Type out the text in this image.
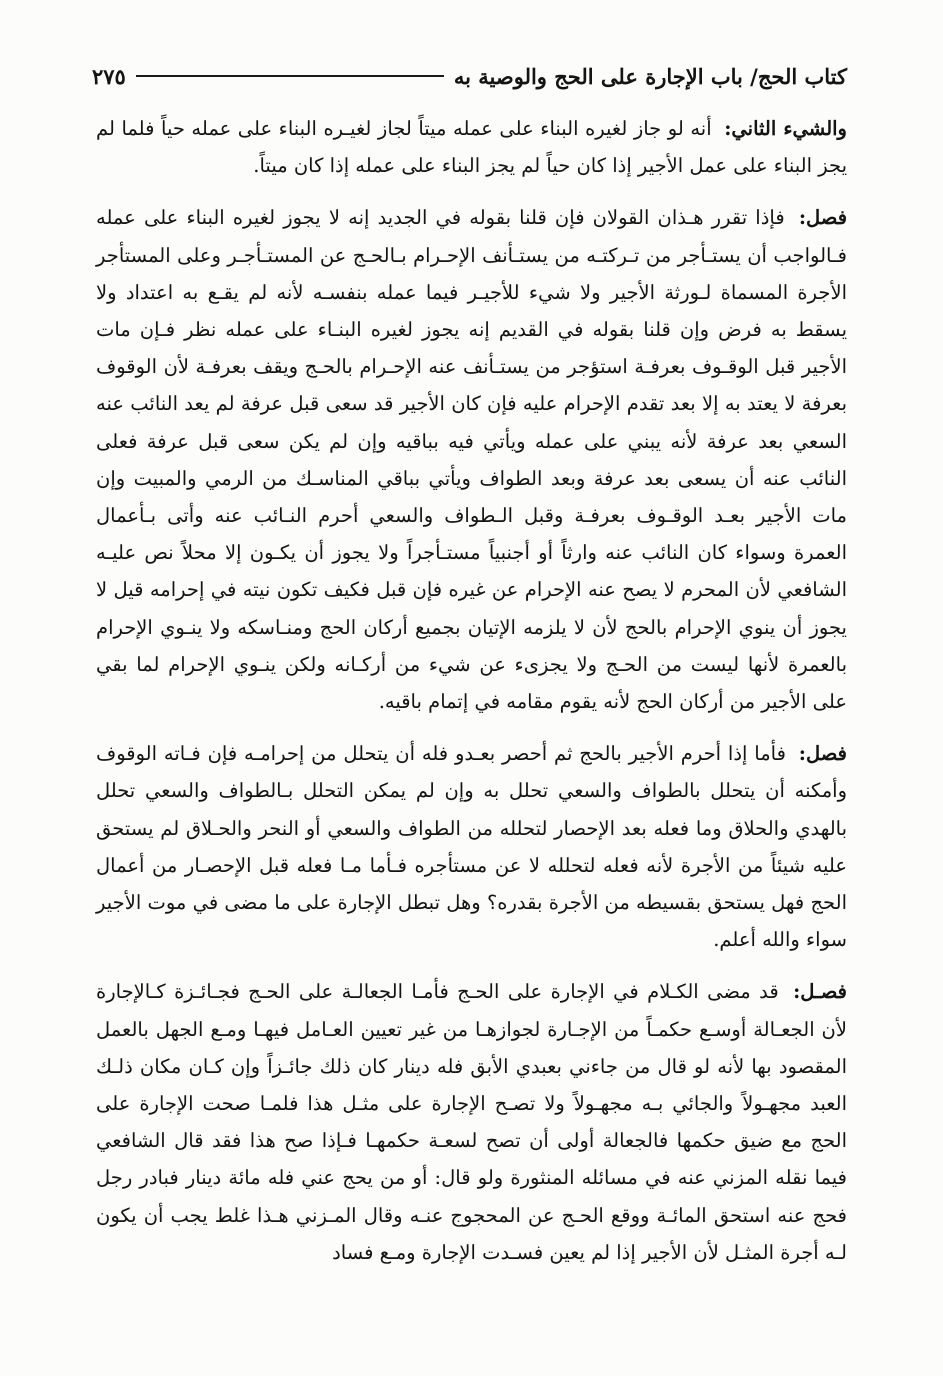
كتاب الحج/ باب الإجارة على الحج والوصية به
٢٧٥

والشيء الثاني: أنه لو جاز لغيره البناء على عمله ميتاً لجاز لغيـره البناء على عمله حياً فلما لم يجز البناء على عمل الأجير إذا كان حياً لم يجز البناء على عمله إذا كان ميتاً.

فصل: فإذا تقرر هـذان القولان فإن قلنا بقوله في الجديد إنه لا يجوز لغيره البناء على عمله فـالواجب أن يستـأجر من تـركتـه من يستـأنف الإحـرام بـالحـج عن المستـأجـر وعلى المستأجر الأجرة المسماة لـورثة الأجير ولا شيء للأجيـر فيما عمله بنفسـه لأنه لم يقـع به اعتداد ولا يسقط به فرض وإن قلنا بقوله في القديم إنه يجوز لغيره البنـاء على عمله نظر فـإن مات الأجير قبل الوقـوف بعرفـة استؤجر من يستـأنف عنه الإحـرام بالحـج ويقف بعرفـة لأن الوقوف بعرفة لا يعتد به إلا بعد تقدم الإحرام عليه فإن كان الأجير قد سعى قبل عرفة لم يعد النائب عنه السعي بعد عرفة لأنه يبني على عمله ويأتي فيه بباقيه وإن لم يكن سعى قبل عرفة فعلى النائب عنه أن يسعى بعد عرفة وبعد الطواف ويأتي بباقي المناسـك من الرمي والمبيت وإن مات الأجير بعـد الوقـوف بعرفـة وقبل الـطواف والسعي أحرم النـائب عنه وأتى بـأعمال العمرة وسواء كان النائب عنه وارثاً أو أجنبياً مستـأجراً ولا يجوز أن يكـون إلا محلاً نص عليـه الشافعي لأن المحرم لا يصح عنه الإحرام عن غيره فإن قبل فكيف تكون نيته في إحرامه قيل لا يجوز أن ينوي الإحرام بالحج لأن لا يلزمه الإتيان بجميع أركان الحج ومنـاسكه ولا ينـوي الإحرام بالعمرة لأنها ليست من الحـج ولا يجزىء عن شيء من أركـانه ولكن ينـوي الإحرام لما بقي على الأجير من أركان الحج لأنه يقوم مقامه في إتمام باقيه.

فصل: فأما إذا أحرم الأجير بالحج ثم أحصر بعـدو فله أن يتحلل من إحرامـه فإن فـاته الوقوف وأمكنه أن يتحلل بالطواف والسعي تحلل به وإن لم يمكن التحلل بـالطواف والسعي تحلل بالهدي والحلاق وما فعله بعد الإحصار لتحلله من الطواف والسعي أو النحر والحـلاق لم يستحق عليه شيئاً من الأجرة لأنه فعله لتحلله لا عن مستأجره فـأما مـا فعله قبل الإحصـار من أعمال الحج فهل يستحق بقسيطه من الأجرة بقدره؟ وهل تبطل الإجارة على ما مضى في موت الأجير سواء والله أعلم.

فصـل: قد مضى الكـلام في الإجارة على الحـج فأمـا الجعالـة على الحـج فجـائـزة كـالإجارة لأن الجعـالة أوسـع حكمـاً من الإجـارة لجوازهـا من غير تعيين العـامل فيهـا ومـع الجهل بالعمل المقصود بها لأنه لو قال من جاءني بعبدي الأبق فله دينار كان ذلك جائـزاً وإن كـان مكان ذلـك العبد مجهـولاً والجائي بـه مجهـولاً ولا تصـح الإجارة على مثـل هذا فلمـا صحت الإجارة على الحج مع ضيق حكمها فالجعالة أولى أن تصح لسعـة حكمهـا فـإذا صح هذا فقد قال الشافعي فيما نقله المزني عنه في مسائله المنثورة ولو قال: أو من يحج عني فله مائة دينار فبادر رجل فحج عنه استحق المائـة ووقع الحـج عن المحجوج عنـه وقال المـزني هـذا غلط يجب أن يكون لـه أجرة المثـل لأن الأجير إذا لم يعين فسـدت الإجارة ومـع فساد
